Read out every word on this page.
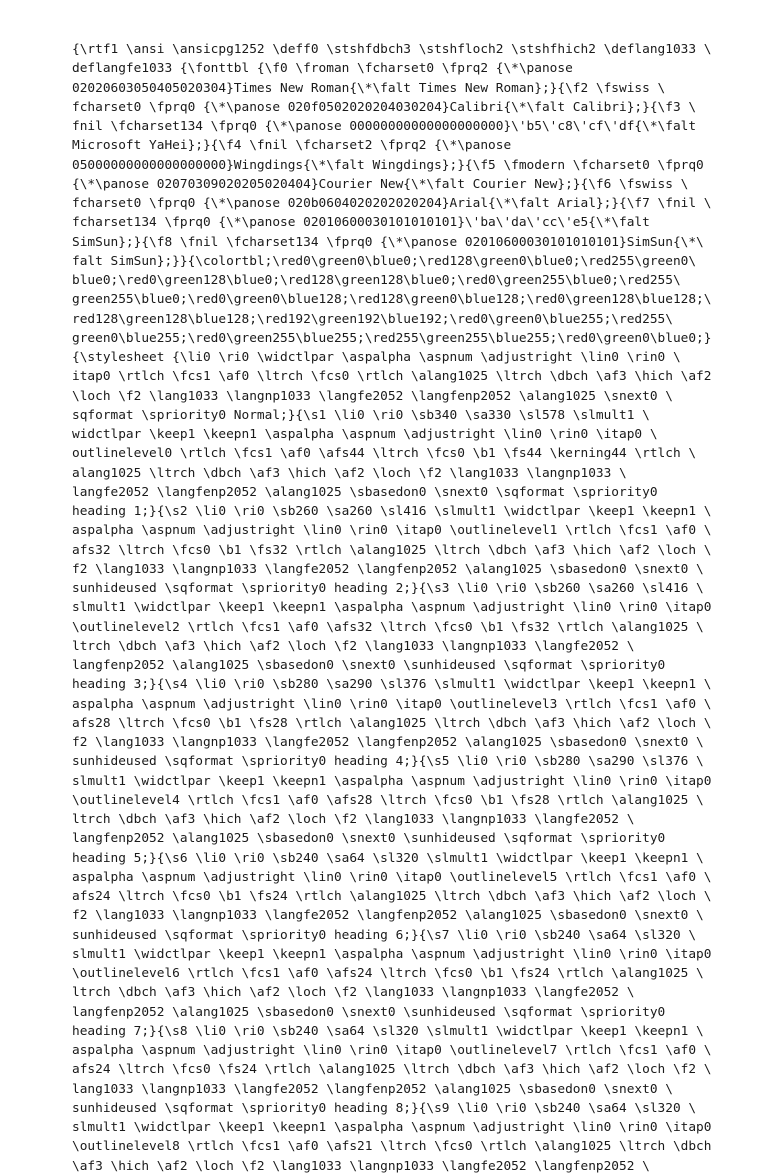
{\rtf1 \ansi \ansicpg1252 \deff0 \stshfdbch3 \stshfloch2 \stshfhich2 \deflang1033 \
deflangfe1033 {\fonttbl {\f0 \froman \fcharset0 \fprq2 {\*\panose
02020603050405020304}Times New Roman{\*\falt Times New Roman};}{\f2 \fswiss \
fcharset0 \fprq0 {\*\panose 020f0502020204030204}Calibri{\*\falt Calibri};}{\f3 \
fnil \fcharset134 \fprq0 {\*\panose 00000000000000000000}\'b5\'c8\'cf\'df{\*\falt
Microsoft YaHei};}{\f4 \fnil \fcharset2 \fprq2 {\*\panose
05000000000000000000}Wingdings{\*\falt Wingdings};}{\f5 \fmodern \fcharset0 \fprq0
{\*\panose 02070309020205020404}Courier New{\*\falt Courier New};}{\f6 \fswiss \
fcharset0 \fprq0 {\*\panose 020b0604020202020204}Arial{\*\falt Arial};}{\f7 \fnil \
fcharset134 \fprq0 {\*\panose 02010600030101010101}\'ba\'da\'cc\'e5{\*\falt
SimSun};}{\f8 \fnil \fcharset134 \fprq0 {\*\panose 02010600030101010101}SimSun{\*\
falt SimSun};}}{\colortbl;\red0\green0\blue0;\red128\green0\blue0;\red255\green0\
blue0;\red0\green128\blue0;\red128\green128\blue0;\red0\green255\blue0;\red255\
green255\blue0;\red0\green0\blue128;\red128\green0\blue128;\red0\green128\blue128;\
red128\green128\blue128;\red192\green192\blue192;\red0\green0\blue255;\red255\
green0\blue255;\red0\green255\blue255;\red255\green255\blue255;\red0\green0\blue0;}
{\stylesheet {\li0 \ri0 \widctlpar \aspalpha \aspnum \adjustright \lin0 \rin0 \
itap0 \rtlch \fcs1 \af0 \ltrch \fcs0 \rtlch \alang1025 \ltrch \dbch \af3 \hich \af2
\loch \f2 \lang1033 \langnp1033 \langfe2052 \langfenp2052 \alang1025 \snext0 \
sqformat \spriority0 Normal;}{\s1 \li0 \ri0 \sb340 \sa330 \sl578 \slmult1 \
widctlpar \keep1 \keepn1 \aspalpha \aspnum \adjustright \lin0 \rin0 \itap0 \
outlinelevel0 \rtlch \fcs1 \af0 \afs44 \ltrch \fcs0 \b1 \fs44 \kerning44 \rtlch \
alang1025 \ltrch \dbch \af3 \hich \af2 \loch \f2 \lang1033 \langnp1033 \
langfe2052 \langfenp2052 \alang1025 \sbasedon0 \snext0 \sqformat \spriority0
heading 1;}{\s2 \li0 \ri0 \sb260 \sa260 \sl416 \slmult1 \widctlpar \keep1 \keepn1 \
aspalpha \aspnum \adjustright \lin0 \rin0 \itap0 \outlinelevel1 \rtlch \fcs1 \af0 \
afs32 \ltrch \fcs0 \b1 \fs32 \rtlch \alang1025 \ltrch \dbch \af3 \hich \af2 \loch \
f2 \lang1033 \langnp1033 \langfe2052 \langfenp2052 \alang1025 \sbasedon0 \snext0 \
sunhideused \sqformat \spriority0 heading 2;}{\s3 \li0 \ri0 \sb260 \sa260 \sl416 \
slmult1 \widctlpar \keep1 \keepn1 \aspalpha \aspnum \adjustright \lin0 \rin0 \itap0
\outlinelevel2 \rtlch \fcs1 \af0 \afs32 \ltrch \fcs0 \b1 \fs32 \rtlch \alang1025 \
ltrch \dbch \af3 \hich \af2 \loch \f2 \lang1033 \langnp1033 \langfe2052 \
langfenp2052 \alang1025 \sbasedon0 \snext0 \sunhideused \sqformat \spriority0
heading 3;}{\s4 \li0 \ri0 \sb280 \sa290 \sl376 \slmult1 \widctlpar \keep1 \keepn1 \
aspalpha \aspnum \adjustright \lin0 \rin0 \itap0 \outlinelevel3 \rtlch \fcs1 \af0 \
afs28 \ltrch \fcs0 \b1 \fs28 \rtlch \alang1025 \ltrch \dbch \af3 \hich \af2 \loch \
f2 \lang1033 \langnp1033 \langfe2052 \langfenp2052 \alang1025 \sbasedon0 \snext0 \
sunhideused \sqformat \spriority0 heading 4;}{\s5 \li0 \ri0 \sb280 \sa290 \sl376 \
slmult1 \widctlpar \keep1 \keepn1 \aspalpha \aspnum \adjustright \lin0 \rin0 \itap0
\outlinelevel4 \rtlch \fcs1 \af0 \afs28 \ltrch \fcs0 \b1 \fs28 \rtlch \alang1025 \
ltrch \dbch \af3 \hich \af2 \loch \f2 \lang1033 \langnp1033 \langfe2052 \
langfenp2052 \alang1025 \sbasedon0 \snext0 \sunhideused \sqformat \spriority0
heading 5;}{\s6 \li0 \ri0 \sb240 \sa64 \sl320 \slmult1 \widctlpar \keep1 \keepn1 \
aspalpha \aspnum \adjustright \lin0 \rin0 \itap0 \outlinelevel5 \rtlch \fcs1 \af0 \
afs24 \ltrch \fcs0 \b1 \fs24 \rtlch \alang1025 \ltrch \dbch \af3 \hich \af2 \loch \
f2 \lang1033 \langnp1033 \langfe2052 \langfenp2052 \alang1025 \sbasedon0 \snext0 \
sunhideused \sqformat \spriority0 heading 6;}{\s7 \li0 \ri0 \sb240 \sa64 \sl320 \
slmult1 \widctlpar \keep1 \keepn1 \aspalpha \aspnum \adjustright \lin0 \rin0 \itap0
\outlinelevel6 \rtlch \fcs1 \af0 \afs24 \ltrch \fcs0 \b1 \fs24 \rtlch \alang1025 \
ltrch \dbch \af3 \hich \af2 \loch \f2 \lang1033 \langnp1033 \langfe2052 \
langfenp2052 \alang1025 \sbasedon0 \snext0 \sunhideused \sqformat \spriority0
heading 7;}{\s8 \li0 \ri0 \sb240 \sa64 \sl320 \slmult1 \widctlpar \keep1 \keepn1 \
aspalpha \aspnum \adjustright \lin0 \rin0 \itap0 \outlinelevel7 \rtlch \fcs1 \af0 \
afs24 \ltrch \fcs0 \fs24 \rtlch \alang1025 \ltrch \dbch \af3 \hich \af2 \loch \f2 \
lang1033 \langnp1033 \langfe2052 \langfenp2052 \alang1025 \sbasedon0 \snext0 \
sunhideused \sqformat \spriority0 heading 8;}{\s9 \li0 \ri0 \sb240 \sa64 \sl320 \
slmult1 \widctlpar \keep1 \keepn1 \aspalpha \aspnum \adjustright \lin0 \rin0 \itap0
\outlinelevel8 \rtlch \fcs1 \af0 \afs21 \ltrch \fcs0 \rtlch \alang1025 \ltrch \dbch
\af3 \hich \af2 \loch \f2 \lang1033 \langnp1033 \langfe2052 \langfenp2052 \
